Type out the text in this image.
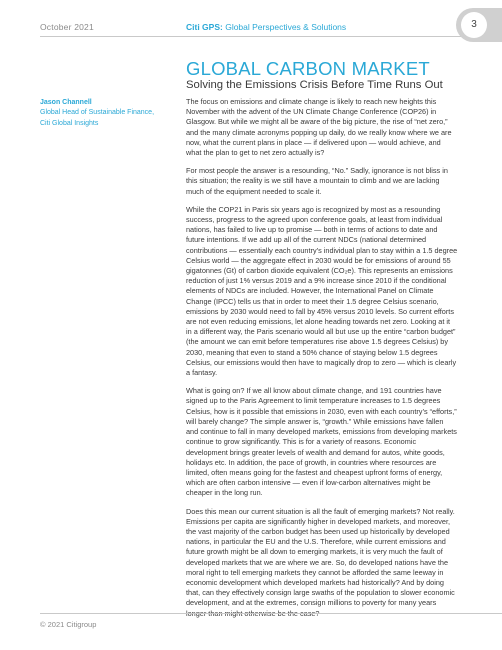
October 2021	Citi GPS: Global Perspectives & Solutions	3
GLOBAL CARBON MARKET
Solving the Emissions Crisis Before Time Runs Out
Jason Channell
Global Head of Sustainable Finance,
Citi Global Insights

The focus on emissions and climate change is likely to reach new heights this
November with the advent of the UN Climate Change Conference (COP26) in
Glasgow. But while we might all be aware of the big picture, the rise of “net zero,”
and the many climate acronyms popping up daily, do we really know where we are
now, what the current plans in place — if delivered upon — would achieve, and
what the plan to get to net zero actually is?

For most people the answer is a resounding, “No.” Sadly, ignorance is not bliss in
this situation; the reality is we still have a mountain to climb and we are lacking
much of the equipment needed to scale it.

While the COP21 in Paris six years ago is recognized by most as a resounding
success, progress to the agreed upon conference goals, at least from individual
nations, has failed to live up to promise — both in terms of actions to date and
future intentions. If we add up all of the current NDCs (national determined
contributions — essentially each country’s individual plan to stay within a 1.5 degree
Celsius world — the aggregate effect in 2030 would be for emissions of around 55
gigatonnes (Gt) of carbon dioxide equivalent (CO₂e). This represents an emissions
reduction of just 1% versus 2019 and a 9% increase since 2010 if the conditional
elements of NDCs are included. However, the International Panel on Climate
Change (IPCC) tells us that in order to meet their 1.5 degree Celsius scenario,
emissions by 2030 would need to fall by 45% versus 2010 levels. So current efforts
are not even reducing emissions, let alone heading towards net zero. Looking at it
in a different way, the Paris scenario would all but use up the entire “carbon budget”
(the amount we can emit before temperatures rise above 1.5 degrees Celsius) by
2030, meaning that even to stand a 50% chance of staying below 1.5 degrees
Celsius, our emissions would then have to magically drop to zero — which is clearly
a fantasy.

What is going on? If we all know about climate change, and 191 countries have
signed up to the Paris Agreement to limit temperature increases to 1.5 degrees
Celsius, how is it possible that emissions in 2030, even with each country’s “efforts,”
will barely change? The simple answer is, “growth.” While emissions have fallen
and continue to fall in many developed markets, emissions from developing markets
continue to grow significantly. This is for a variety of reasons. Economic
development brings greater levels of wealth and demand for autos, white goods,
holidays etc. In addition, the pace of growth, in countries where resources are
limited, often means going for the fastest and cheapest upfront forms of energy,
which are often carbon intensive — even if low-carbon alternatives might be
cheaper in the long run.

Does this mean our current situation is all the fault of emerging markets? Not really.
Emissions per capita are significantly higher in developed markets, and moreover,
the vast majority of the carbon budget has been used up historically by developed
nations, in particular the EU and the U.S. Therefore, while current emissions and
future growth might be all down to emerging markets, it is very much the fault of
developed markets that we are where we are. So, do developed nations have the
moral right to tell emerging markets they cannot be afforded the same leeway in
economic development which developed markets had historically? And by doing
that, can they effectively consign large swaths of the population to slower economic
development, and at the extremes, consign millions to poverty for many years
longer than might otherwise be the case?

© 2021 Citigroup
